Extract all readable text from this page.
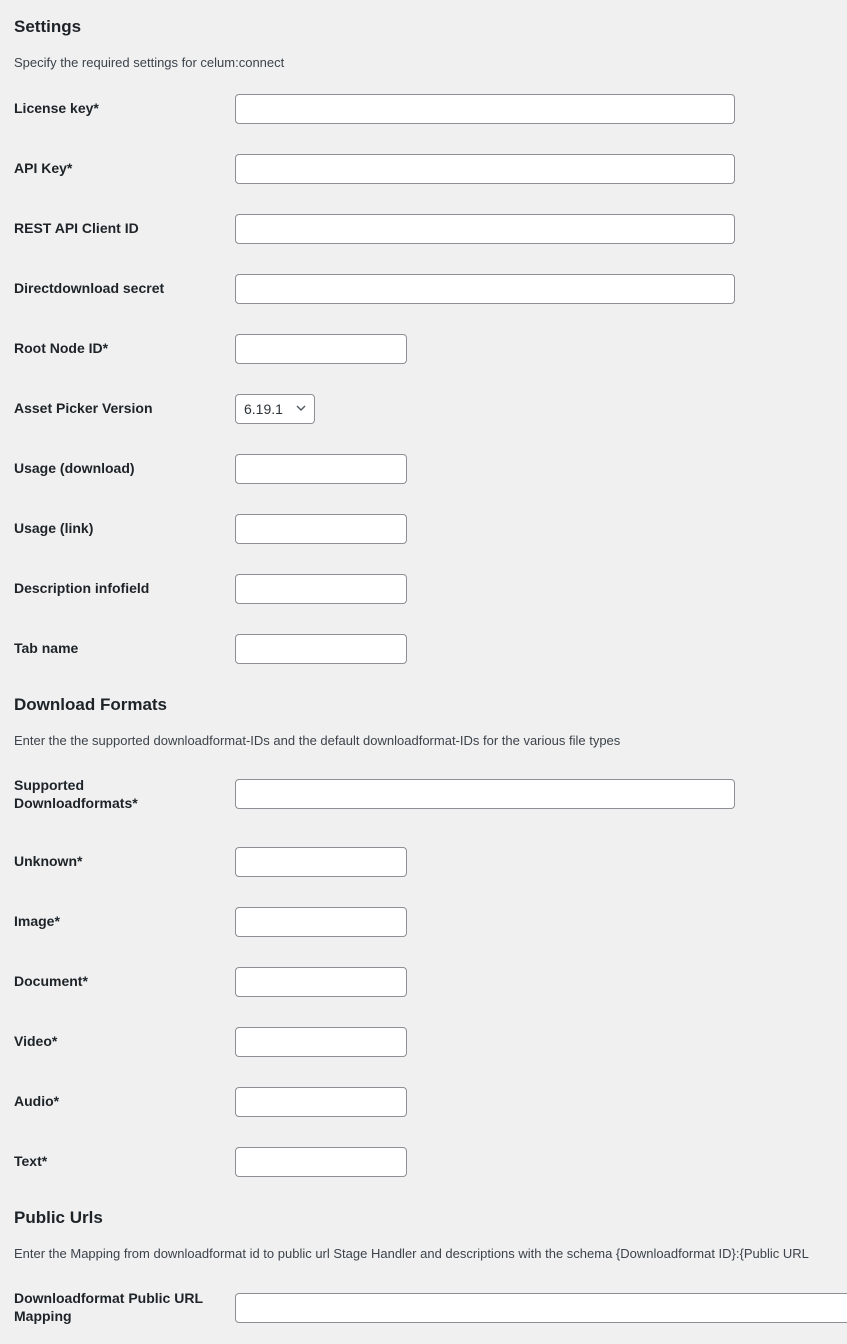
Settings

Specify the required settings for celum:connect

License key*
API Key*
REST API Client ID
Directdownload secret
Root Node ID*
Asset Picker Version	6.19.1
Usage (download)
Usage (link)
Description infofield
Tab name
Download Formats

Enter the the supported downloadformat-IDs and the default downloadformat-IDs for the various file types

Supported
Downloadformats*
Unknown*
Image*
Document*
Video*
Audio*
Text*
Public Urls

Enter the Mapping from downloadformat id to public url Stage Handler and descriptions with the schema {Downloadformat ID}:{Public URL

Downloadformat Public URL
Mapping
